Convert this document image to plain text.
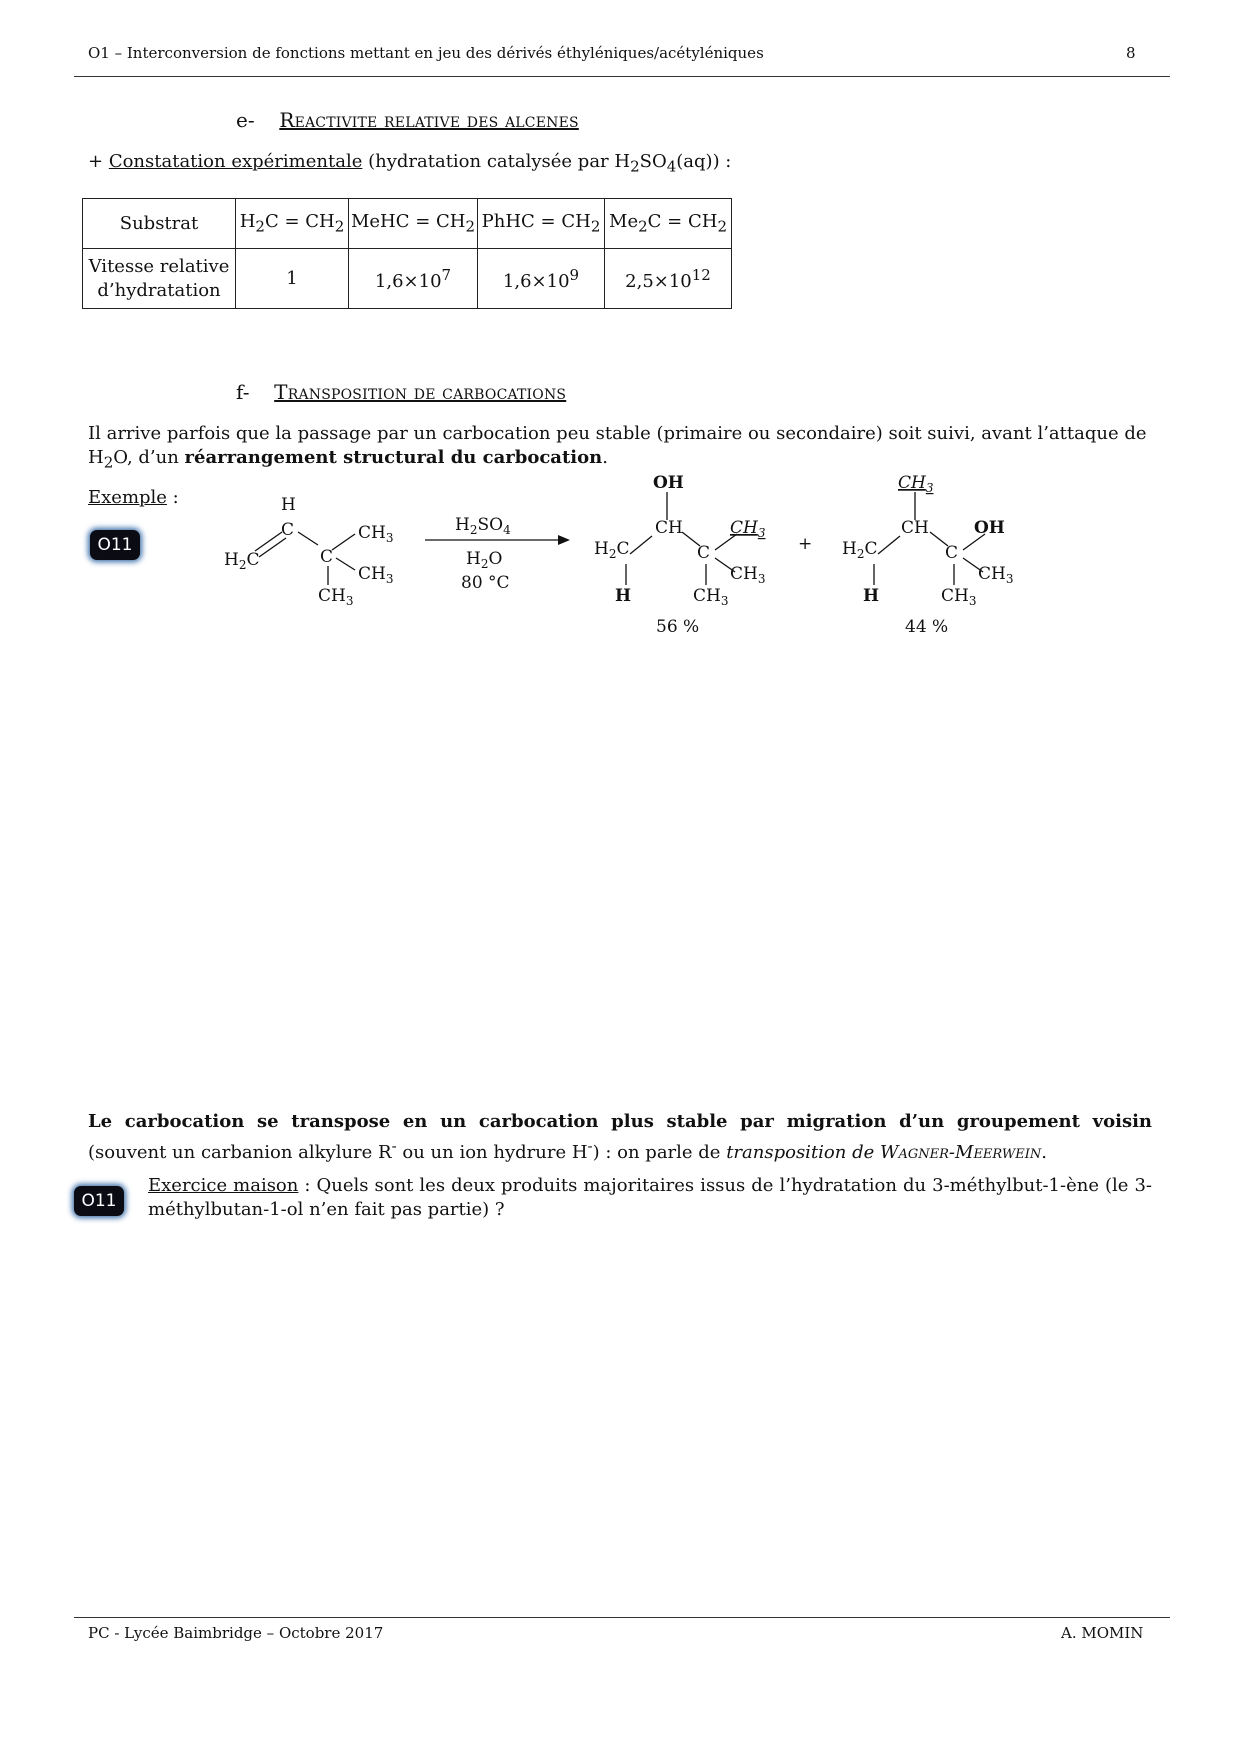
O1 – Interconversion de fonctions mettant en jeu des dérivés éthyléniques/acétyléniques	8
e- Reactivite relative des alcenes
+ Constatation expérimentale (hydratation catalysée par $H_2SO_4(aq)$) :
Substrat	$H_2C = CH_2$	MeHC = $CH_2$	PhHC = $CH_2$	$Me_2C = CH_2$
Vitesse relative
d’hydratation	1	$1,6\times 10^7$	$1,6\times 10^9$	$2,5\times 10^{12}$
f- Transposition de carbocations
Il arrive parfois que la passage par un carbocation peu stable (primaire ou secondaire) soit suivi, avant l’attaque de $H_2O$, d’un réarrangement structural du carbocation.
Exemple :
O11
H
C
$H_2C$	C
$CH_3$
$CH_3$
$CH_3$
$H_2SO_4$
$H_2O$
80 °C
OH
CH	$CH_3$
$H_2C$	C
H
$CH_3$
$CH_3$
56 %
+
$CH_3$
CH	OH
$H_2C$	C
H
$CH_3$
$CH_3$
44 %
Le carbocation se transpose en un carbocation plus stable par migration d’un groupement voisin (souvent un carbanion alkylure R- ou un ion hydrure H-) : on parle de transposition de Wagner-Meerwein.
O11
Exercice maison : Quels sont les deux produits majoritaires issus de l’hydratation du 3-méthylbut-1-ène (le 3-méthylbutan-1-ol n’en fait pas partie) ?
PC - Lycée Baimbridge – Octobre 2017	A. MOMIN
